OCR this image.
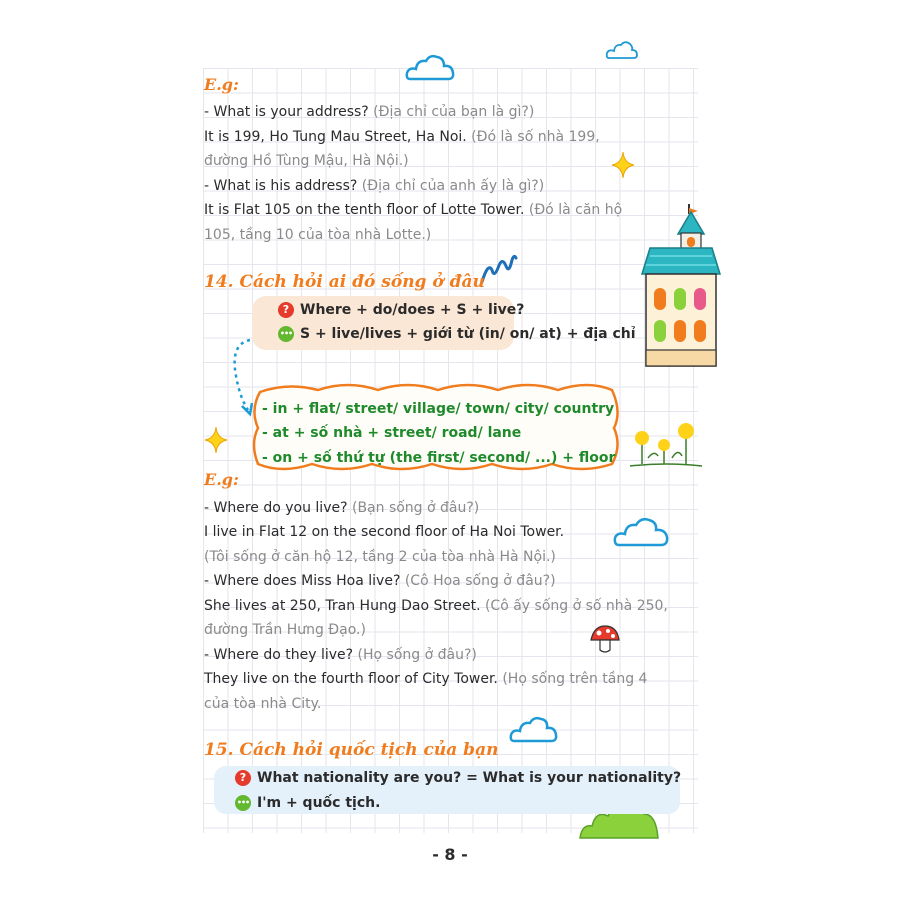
E.g:
- What is your address? (Địa chỉ của bạn là gì?)
It is 199, Ho Tung Mau Street, Ha Noi. (Đó là số nhà 199,
đường Hồ Tùng Mậu, Hà Nội.)
- What is his address? (Địa chỉ của anh ấy là gì?)
It is Flat 105 on the tenth floor of Lotte Tower. (Đó là căn hộ
105, tầng 10 của tòa nhà Lotte.)
14. Cách hỏi ai đó sống ở đâu
? Where + do/does + S + live?
••• S + live/lives + giới từ (in/ on/ at) + địa chỉ
- in + flat/ street/ village/ town/ city/ country
- at + số nhà + street/ road/ lane
- on + số thứ tự (the first/ second/ ...) + floor
E.g:
- Where do you live? (Bạn sống ở đâu?)
I live in Flat 12 on the second floor of Ha Noi Tower.
(Tôi sống ở căn hộ 12, tầng 2 của tòa nhà Hà Nội.)
- Where does Miss Hoa live? (Cô Hoa sống ở đâu?)
She lives at 250, Tran Hung Dao Street. (Cô ấy sống ở số nhà 250,
đường Trần Hưng Đạo.)
- Where do they live? (Họ sống ở đâu?)
They live on the fourth floor of City Tower. (Họ sống trên tầng 4
của tòa nhà City.
15. Cách hỏi quốc tịch của bạn
? What nationality are you? = What is your nationality?
••• I'm + quốc tịch.
- 8 -
